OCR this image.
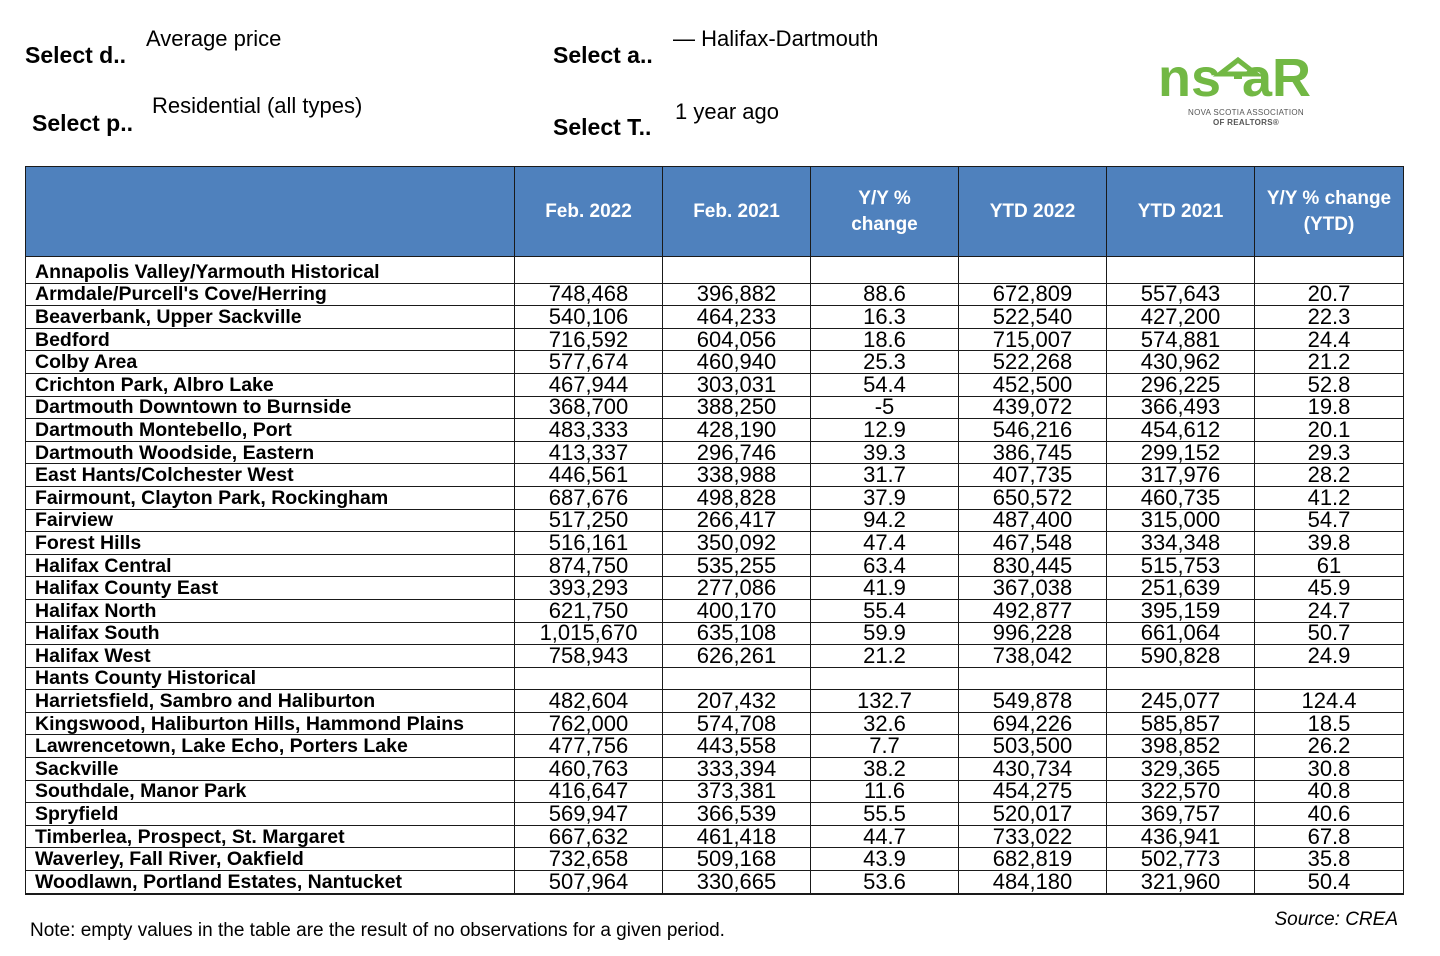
Select d..
Average price
Select a..
— Halifax-Dartmouth
Select p..
Residential (all types)
Select T..
1 year ago
ns aR
NOVA SCOTIA ASSOCIATION
OF REALTORS®
	Feb. 2022	Feb. 2021	Y/Y % change	YTD 2022	YTD 2021	Y/Y % change (YTD)
Annapolis Valley/Yarmouth Historical						
Armdale/Purcell's Cove/Herring	748,468	396,882	88.6	672,809	557,643	20.7
Beaverbank, Upper Sackville	540,106	464,233	16.3	522,540	427,200	22.3
Bedford	716,592	604,056	18.6	715,007	574,881	24.4
Colby Area	577,674	460,940	25.3	522,268	430,962	21.2
Crichton Park, Albro Lake	467,944	303,031	54.4	452,500	296,225	52.8
Dartmouth Downtown to Burnside	368,700	388,250	-5	439,072	366,493	19.8
Dartmouth Montebello, Port	483,333	428,190	12.9	546,216	454,612	20.1
Dartmouth Woodside, Eastern	413,337	296,746	39.3	386,745	299,152	29.3
East Hants/Colchester West	446,561	338,988	31.7	407,735	317,976	28.2
Fairmount, Clayton Park, Rockingham	687,676	498,828	37.9	650,572	460,735	41.2
Fairview	517,250	266,417	94.2	487,400	315,000	54.7
Forest Hills	516,161	350,092	47.4	467,548	334,348	39.8
Halifax Central	874,750	535,255	63.4	830,445	515,753	61
Halifax County East	393,293	277,086	41.9	367,038	251,639	45.9
Halifax North	621,750	400,170	55.4	492,877	395,159	24.7
Halifax South	1,015,670	635,108	59.9	996,228	661,064	50.7
Halifax West	758,943	626,261	21.2	738,042	590,828	24.9
Hants County Historical						
Harrietsfield, Sambro and Haliburton	482,604	207,432	132.7	549,878	245,077	124.4
Kingswood, Haliburton Hills, Hammond Plains	762,000	574,708	32.6	694,226	585,857	18.5
Lawrencetown, Lake Echo, Porters Lake	477,756	443,558	7.7	503,500	398,852	26.2
Sackville	460,763	333,394	38.2	430,734	329,365	30.8
Southdale, Manor Park	416,647	373,381	11.6	454,275	322,570	40.8
Spryfield	569,947	366,539	55.5	520,017	369,757	40.6
Timberlea, Prospect, St. Margaret	667,632	461,418	44.7	733,022	436,941	67.8
Waverley, Fall River, Oakfield	732,658	509,168	43.9	682,819	502,773	35.8
Woodlawn, Portland Estates, Nantucket	507,964	330,665	53.6	484,180	321,960	50.4
Note: empty values in the table are the result of no observations for a given period.
Source: CREA
